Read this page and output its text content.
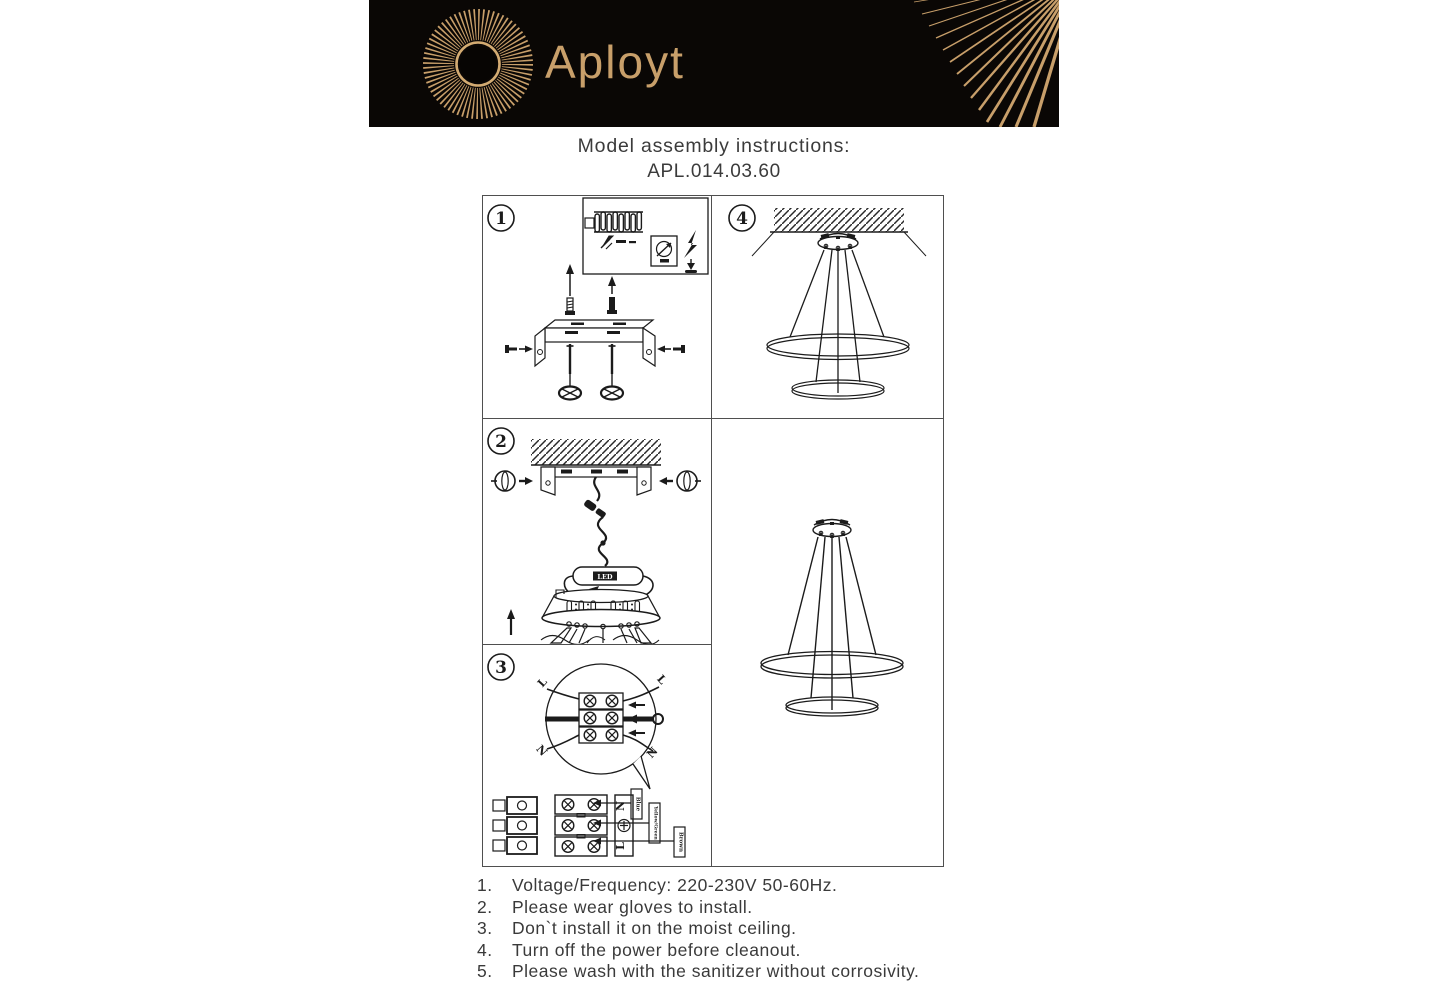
Aployt
Model assembly instructions:
APL.014.03.60
1
2
LED
3
L	L
N	N
N
L
Blue
Yellow/Green
Brown
4
1.	Voltage/Frequency: 220-230V 50-60Hz.
2.	Please wear gloves to install.
3.	Don`t install it on the moist ceiling.
4.	Turn off the power before cleanout.
5.	Please wash with the sanitizer without corrosivity.
